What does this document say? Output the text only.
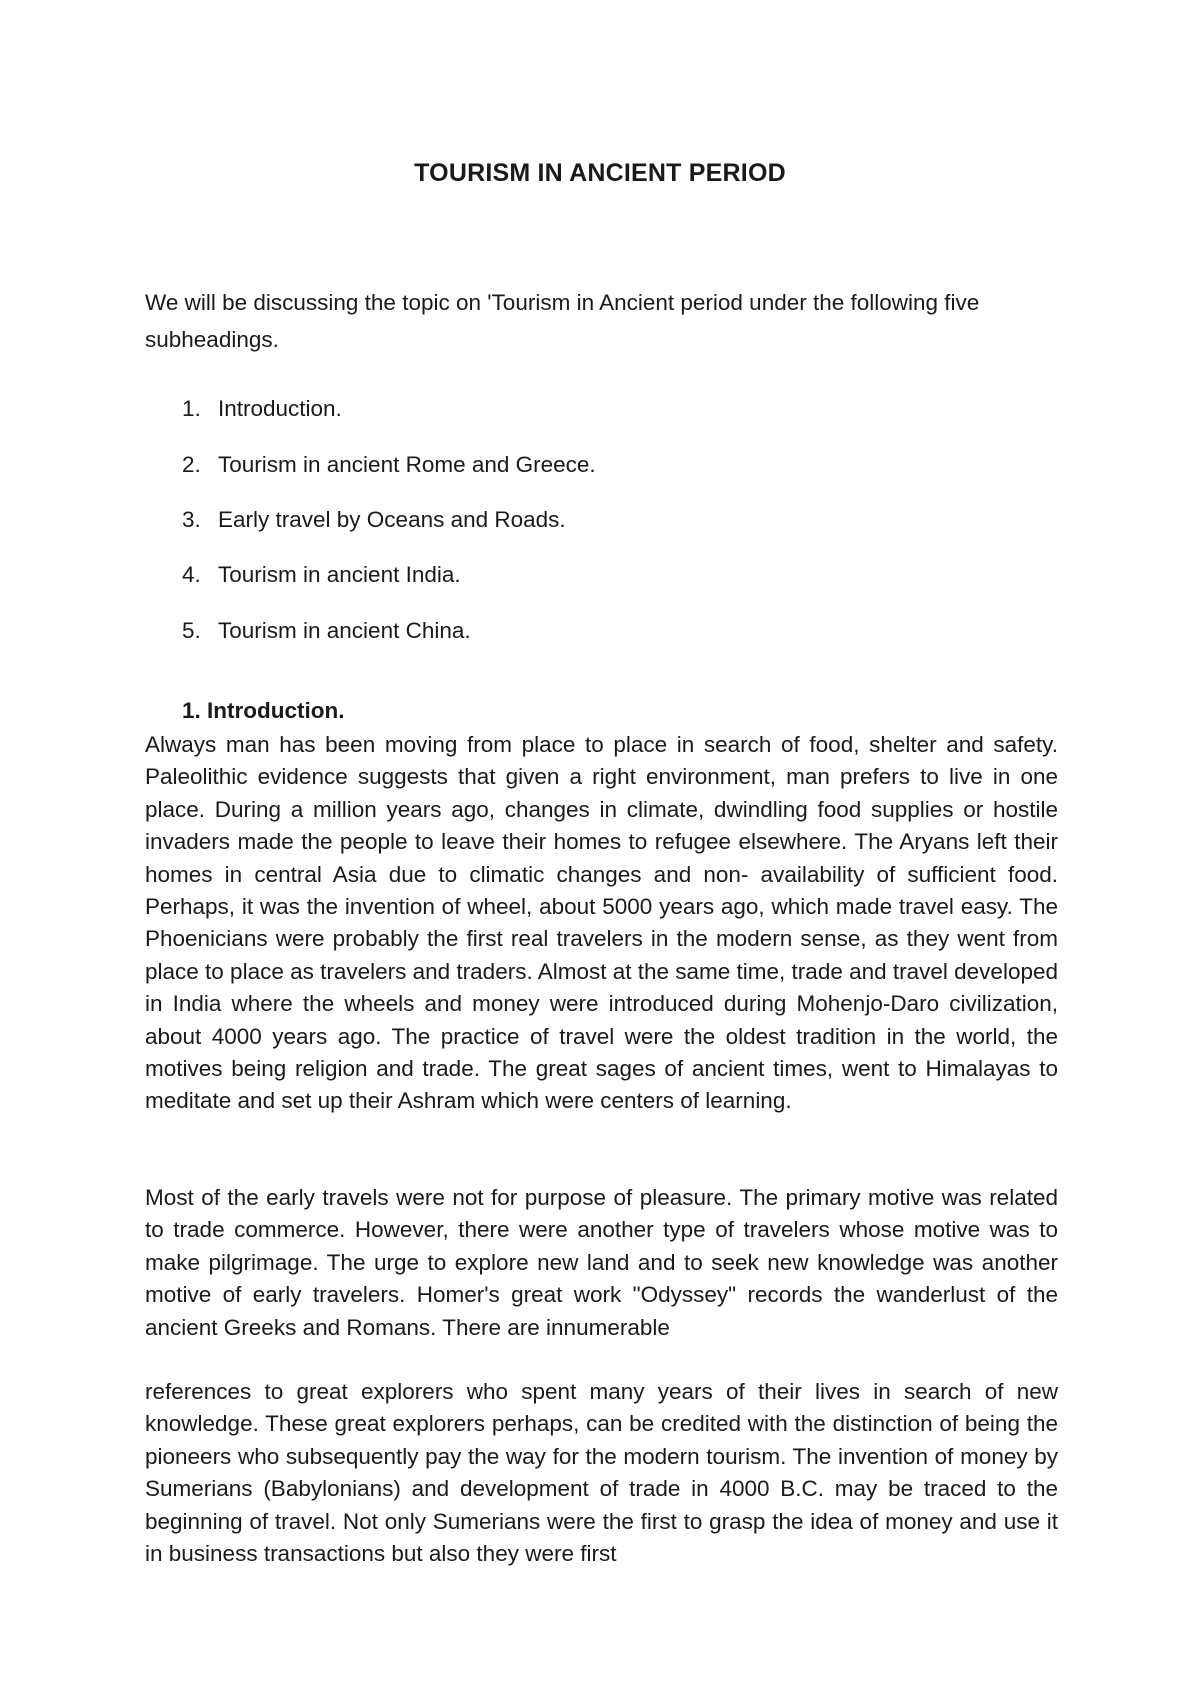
TOURISM IN ANCIENT PERIOD

We will be discussing the topic on 'Tourism in Ancient period under the following five subheadings.

1. Introduction.
2. Tourism in ancient Rome and Greece.
3. Early travel by Oceans and Roads.
4. Tourism in ancient India.
5. Tourism in ancient China.
1. Introduction.

Always man has been moving from place to place in search of food, shelter and safety. Paleolithic evidence suggests that given a right environment, man prefers to live in one place. During a million years ago, changes in climate, dwindling food supplies or hostile invaders made the people to leave their homes to refugee elsewhere. The Aryans left their homes in central Asia due to climatic changes and non- availability of sufficient food. Perhaps, it was the invention of wheel, about 5000 years ago, which made travel easy. The Phoenicians were probably the first real travelers in the modern sense, as they went from place to place as travelers and traders. Almost at the same time, trade and travel developed in India where the wheels and money were introduced during Mohenjo-Daro civilization, about 4000 years ago. The practice of travel were the oldest tradition in the world, the motives being religion and trade. The great sages of ancient times, went to Himalayas to meditate and set up their Ashram which were centers of learning.

Most of the early travels were not for purpose of pleasure. The primary motive was related to trade commerce. However, there were another type of travelers whose motive was to make pilgrimage. The urge to explore new land and to seek new knowledge was another motive of early travelers. Homer's great work "Odyssey" records the wanderlust of the ancient Greeks and Romans. There are innumerable

references to great explorers who spent many years of their lives in search of new knowledge. These great explorers perhaps, can be credited with the distinction of being the pioneers who subsequently pay the way for the modern tourism. The invention of money by Sumerians (Babylonians) and development of trade in 4000 B.C. may be traced to the beginning of travel. Not only Sumerians were the first to grasp the idea of money and use it in business transactions but also they were first
